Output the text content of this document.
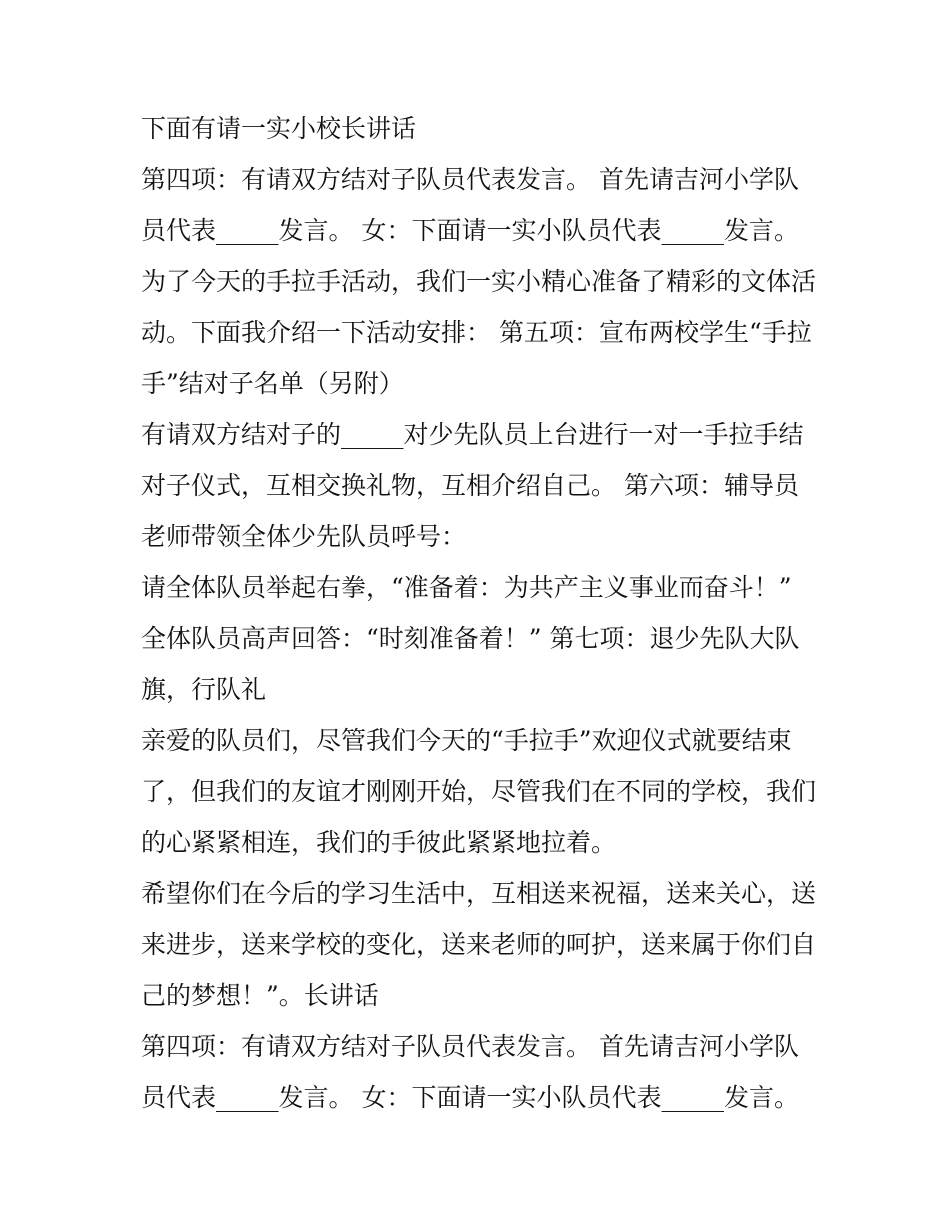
下面有请一实小校长讲话
第四项：有请双方结对子队员代表发言。 首先请吉河小学队
员代表_____发言。 女：下面请一实小队员代表_____发言。
为了今天的手拉手活动，我们一实小精心准备了精彩的文体活
动。下面我介绍一下活动安排： 第五项：宣布两校学生“手拉
手”结对子名单（另附）
有请双方结对子的_____对少先队员上台进行一对一手拉手结
对子仪式，互相交换礼物，互相介绍自己。 第六项：辅导员
老师带领全体少先队员呼号：
请全体队员举起右拳，“准备着：为共产主义事业而奋斗！”
全体队员高声回答：“时刻准备着！” 第七项：退少先队大队
旗，行队礼
亲爱的队员们，尽管我们今天的“手拉手”欢迎仪式就要结束
了，但我们的友谊才刚刚开始，尽管我们在不同的学校，我们
的心紧紧相连，我们的手彼此紧紧地拉着。
希望你们在今后的学习生活中，互相送来祝福，送来关心，送
来进步，送来学校的变化，送来老师的呵护，送来属于你们自
己的梦想！”。长讲话
第四项：有请双方结对子队员代表发言。 首先请吉河小学队
员代表_____发言。 女：下面请一实小队员代表_____发言。
